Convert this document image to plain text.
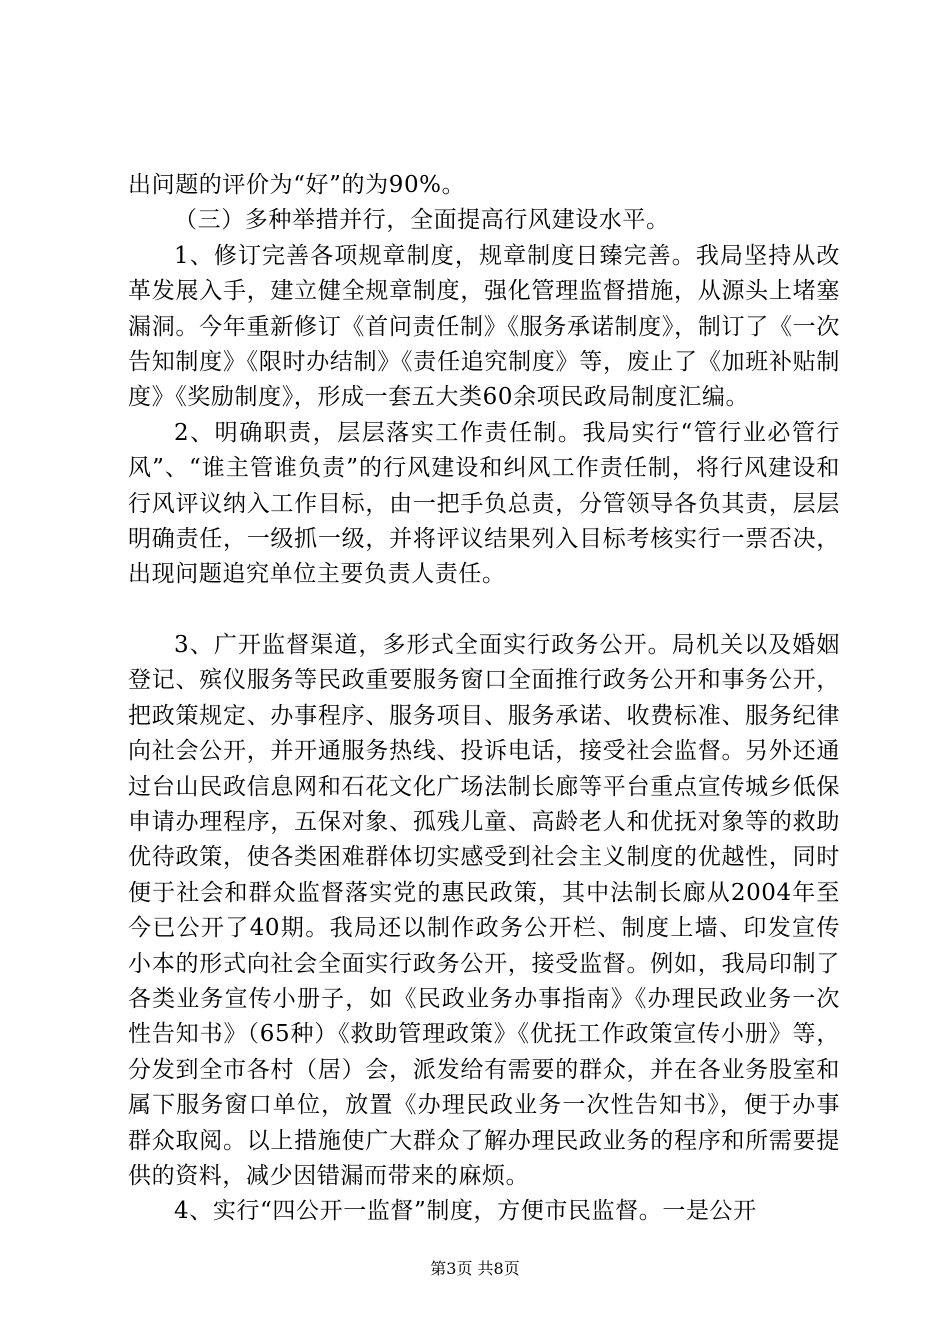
出问题的评价为“好”的为90%。

（三）多种举措并行，全面提高行风建设水平。

1、修订完善各项规章制度，规章制度日臻完善。我局坚持从改革发展入手，建立健全规章制度，强化管理监督措施，从源头上堵塞漏洞。今年重新修订《首问责任制》《服务承诺制度》，制订了《一次告知制度》《限时办结制》《责任追究制度》等，废止了《加班补贴制度》《奖励制度》，形成一套五大类60余项民政局制度汇编。

2、明确职责，层层落实工作责任制。我局实行“管行业必管行风”、“谁主管谁负责”的行风建设和纠风工作责任制，将行风建设和行风评议纳入工作目标，由一把手负总责，分管领导各负其责，层层明确责任，一级抓一级，并将评议结果列入目标考核实行一票否决，出现问题追究单位主要负责人责任。

3、广开监督渠道，多形式全面实行政务公开。局机关以及婚姻登记、殡仪服务等民政重要服务窗口全面推行政务公开和事务公开，把政策规定、办事程序、服务项目、服务承诺、收费标准、服务纪律向社会公开，并开通服务热线、投诉电话，接受社会监督。另外还通过台山民政信息网和石花文化广场法制长廊等平台重点宣传城乡低保申请办理程序，五保对象、孤残儿童、高龄老人和优抚对象等的救助优待政策，使各类困难群体切实感受到社会主义制度的优越性，同时便于社会和群众监督落实党的惠民政策，其中法制长廊从2004年至今已公开了40期。我局还以制作政务公开栏、制度上墙、印发宣传小本的形式向社会全面实行政务公开，接受监督。例如，我局印制了各类业务宣传小册子，如《民政业务办事指南》《办理民政业务一次性告知书》（65种）《救助管理政策》《优抚工作政策宣传小册》等，分发到全市各村（居）会，派发给有需要的群众，并在各业务股室和属下服务窗口单位，放置《办理民政业务一次性告知书》，便于办事群众取阅。以上措施使广大群众了解办理民政业务的程序和所需要提供的资料，减少因错漏而带来的麻烦。

4、实行“四公开一监督”制度，方便市民监督。一是公开

第3页 共8页
